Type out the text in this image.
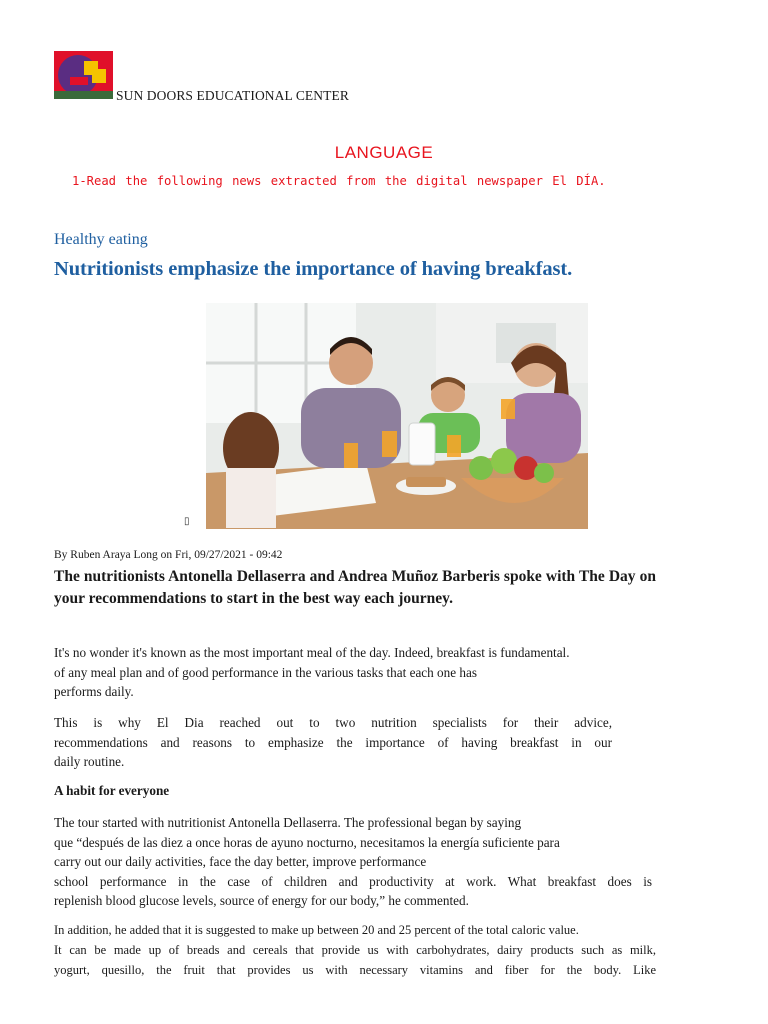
SUN DOORS EDUCATIONAL CENTER
LANGUAGE
1-Read the following news extracted from the digital newspaper El DÍA.
Healthy eating
Nutritionists emphasize the importance of having breakfast.
▯
By Ruben Araya Long on Fri, 09/27/2021 - 09:42
The nutritionists Antonella Dellaserra and Andrea Muñoz Barberis spoke with The Day on your recommendations to start in the best way each journey.
It's no wonder it's known as the most important meal of the day. Indeed, breakfast is fundamental.
of any meal plan and of good performance in the various tasks that each one has
performs daily.
This is why El Dia reached out to two nutrition specialists for their advice,
recommendations and reasons to emphasize the importance of having breakfast in our
daily routine.
A habit for everyone
The tour started with nutritionist Antonella Dellaserra. The professional began by saying
que “después de las diez a once horas de ayuno nocturno, necesitamos la energía suficiente para
carry out our daily activities, face the day better, improve performance
school performance in the case of children and productivity at work. What breakfast does is
replenish blood glucose levels, source of energy for our body,” he commented.
In addition, he added that it is suggested to make up between 20 and 25 percent of the total caloric value.
It can be made up of breads and cereals that provide us with carbohydrates, dairy products such as milk,
yogurt, quesillo, the fruit that provides us with necessary vitamins and fiber for the body. Like
